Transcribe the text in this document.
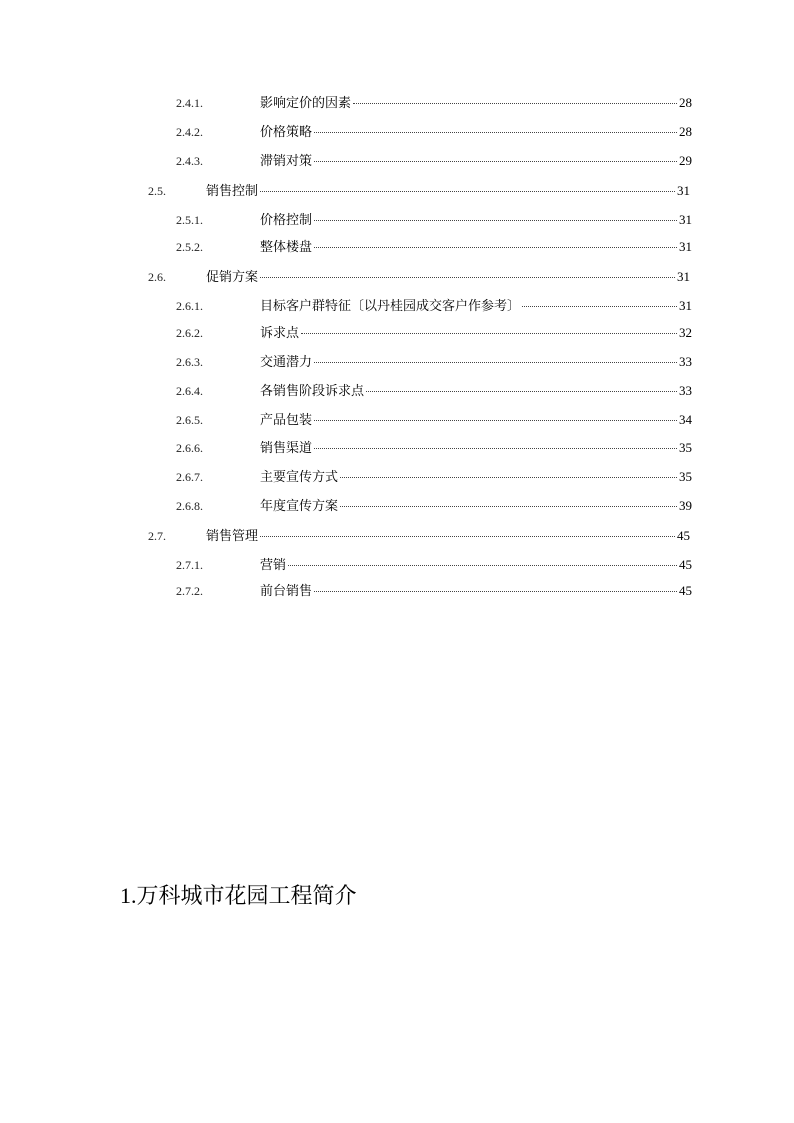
2.4.1.	影响定价的因素	28
2.4.2.	价格策略	28
2.4.3.	滞销对策	29
2.5.	销售控制	31
2.5.1.	价格控制	31
2.5.2.	整体楼盘	31
2.6.	促销方案	31
2.6.1.	目标客户群特征〔以丹桂园成交客户作参考〕	31
2.6.2.	诉求点	32
2.6.3.	交通潜力	33
2.6.4.	各销售阶段诉求点	33
2.6.5.	产品包装	34
2.6.6.	销售渠道	35
2.6.7.	主要宣传方式	35
2.6.8.	年度宣传方案	39
2.7.	销售管理	45
2.7.1.	营销	45
2.7.2.	前台销售	45
1.万科城市花园工程简介
